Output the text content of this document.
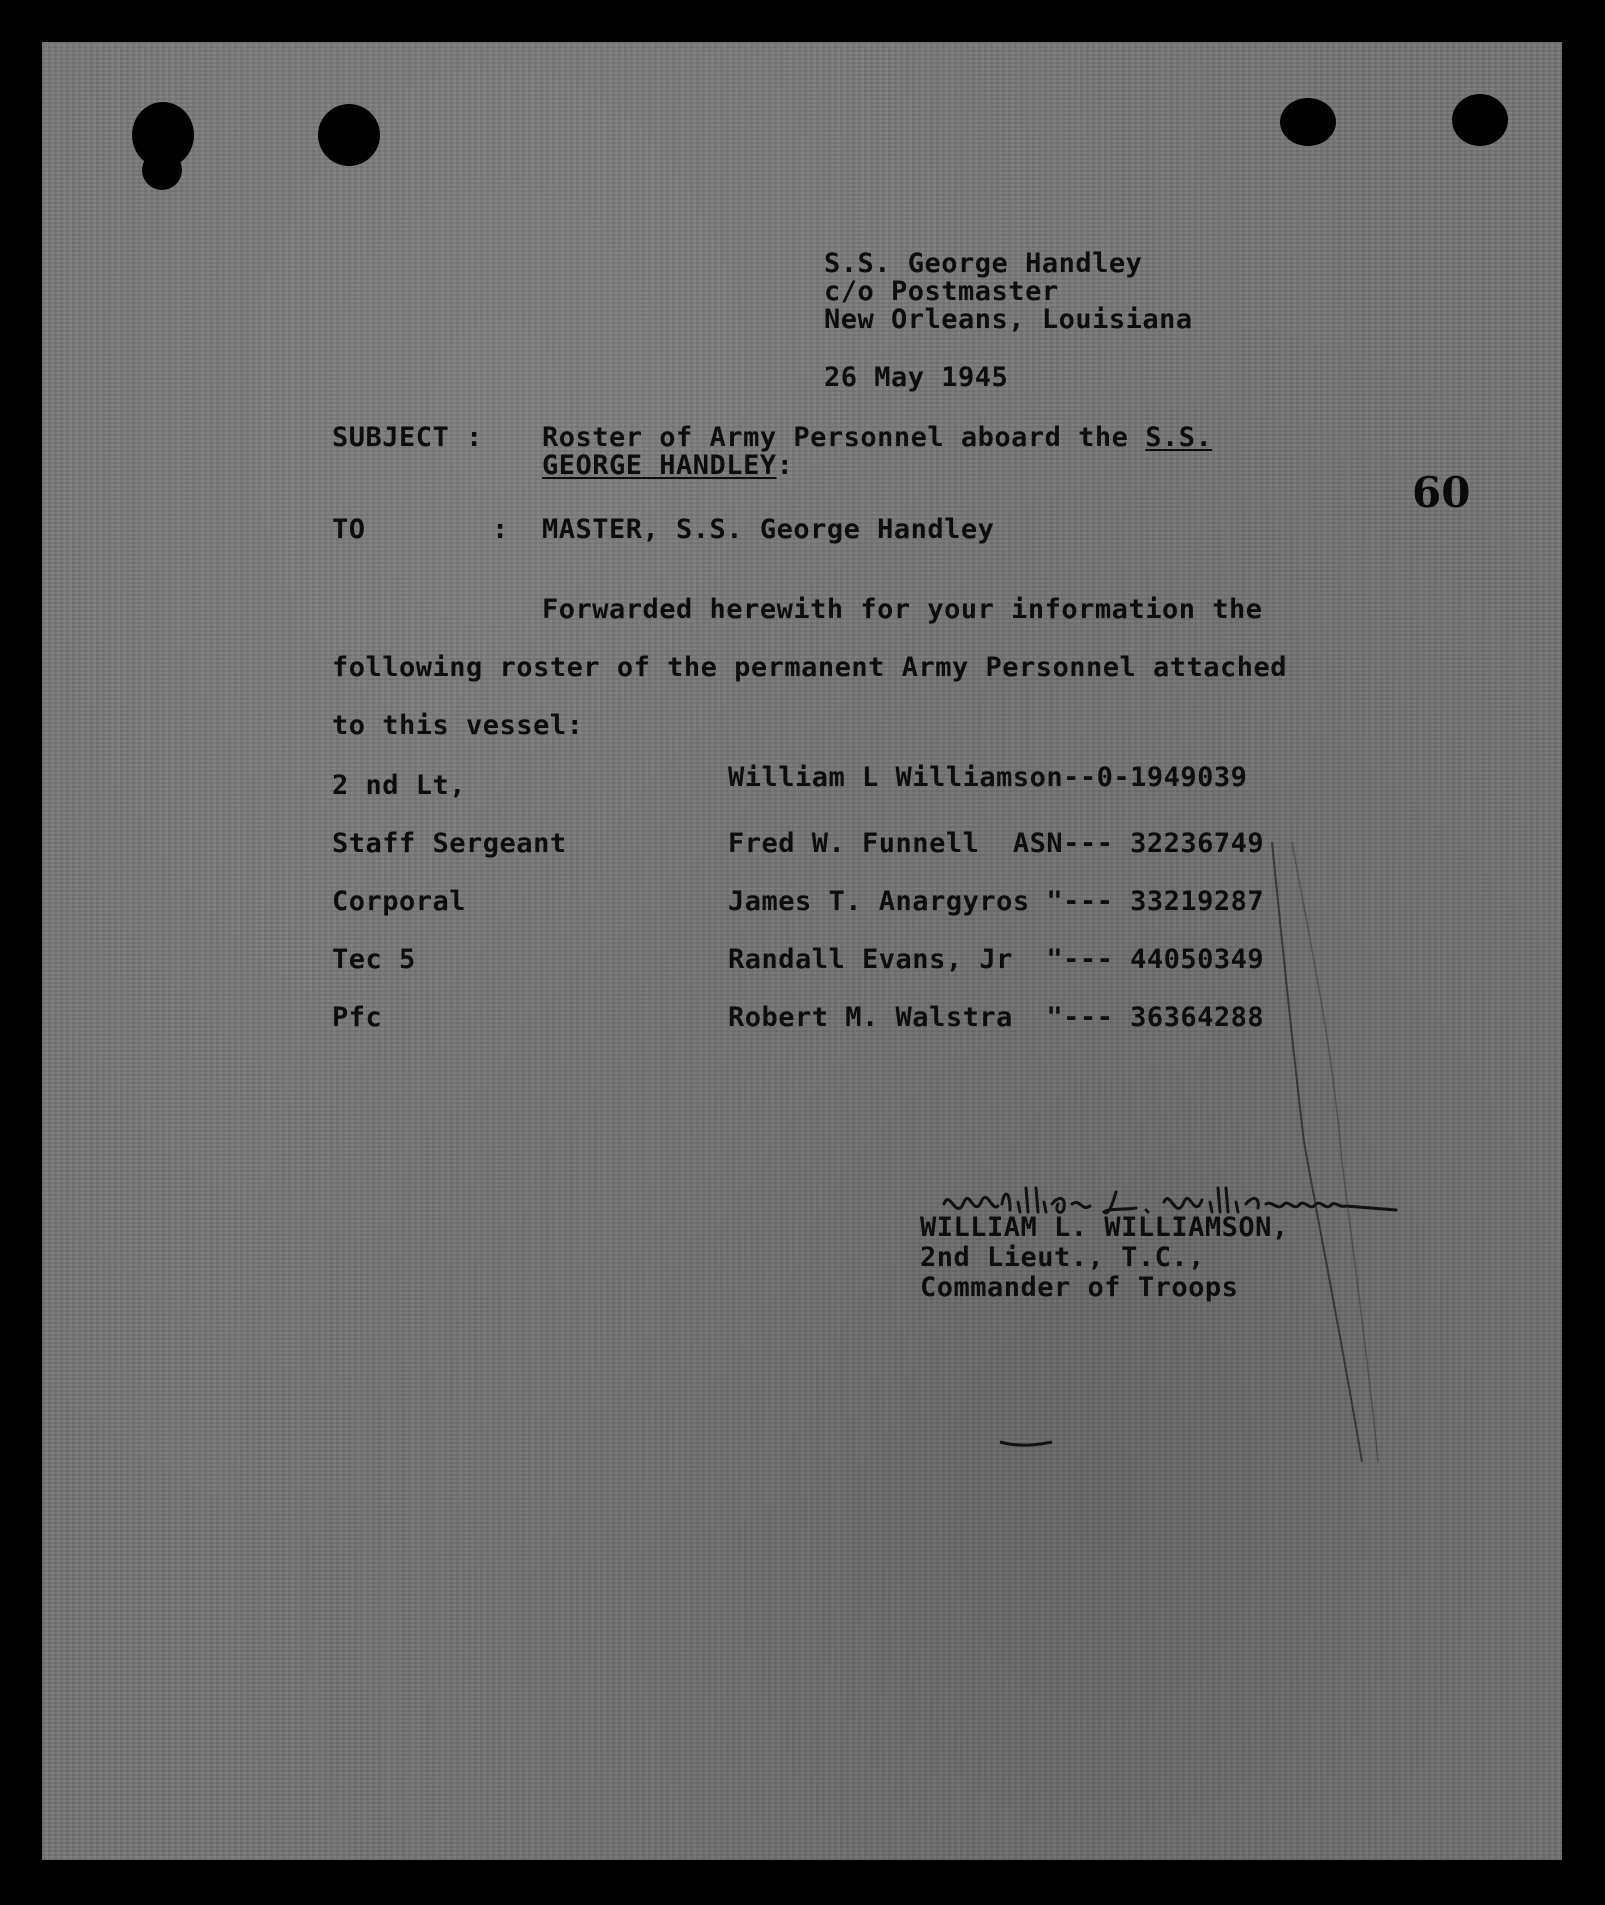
S.S. George Handley
c/o Postmaster
New Orleans, Louisiana
26 May 1945
SUBJECT : Roster of Army Personnel aboard the S.S.
GEORGE HANDLEY:
60
TO	: MASTER, S.S. George Handley
Forwarded herewith for your information the
following roster of the permanent Army Personnel attached
to this vessel:
2 nd Lt,	William L Williamson--0-1949039
Staff Sergeant	Fred W. Funnell  ASN--- 32236749
Corporal	James T. Anargyros "--- 33219287
Tec 5	Randall Evans, Jr  "--- 44050349
Pfc	Robert M. Walstra  "--- 36364288
WILLIAM L. WILLIAMSON,
2nd Lieut., T.C.,
Commander of Troops
